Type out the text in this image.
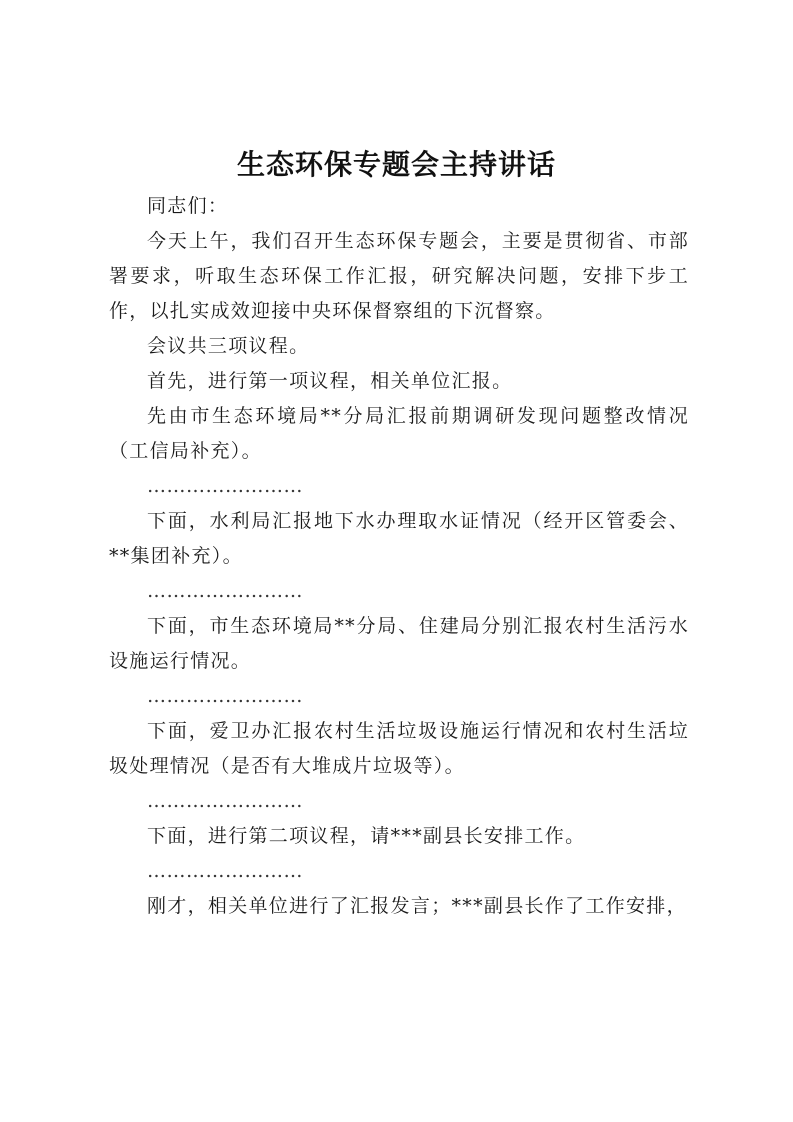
生态环保专题会主持讲话

同志们：

今天上午，我们召开生态环保专题会，主要是贯彻省、市部署要求，听取生态环保工作汇报，研究解决问题，安排下步工作，以扎实成效迎接中央环保督察组的下沉督察。

会议共三项议程。

首先，进行第一项议程，相关单位汇报。

先由市生态环境局**分局汇报前期调研发现问题整改情况（工信局补充）。

……………………

下面，水利局汇报地下水办理取水证情况（经开区管委会、**集团补充）。

……………………

下面，市生态环境局**分局、住建局分别汇报农村生活污水设施运行情况。

……………………

下面，爱卫办汇报农村生活垃圾设施运行情况和农村生活垃圾处理情况（是否有大堆成片垃圾等）。

……………………

下面，进行第二项议程，请***副县长安排工作。

……………………

刚才，相关单位进行了汇报发言；***副县长作了工作安排，
